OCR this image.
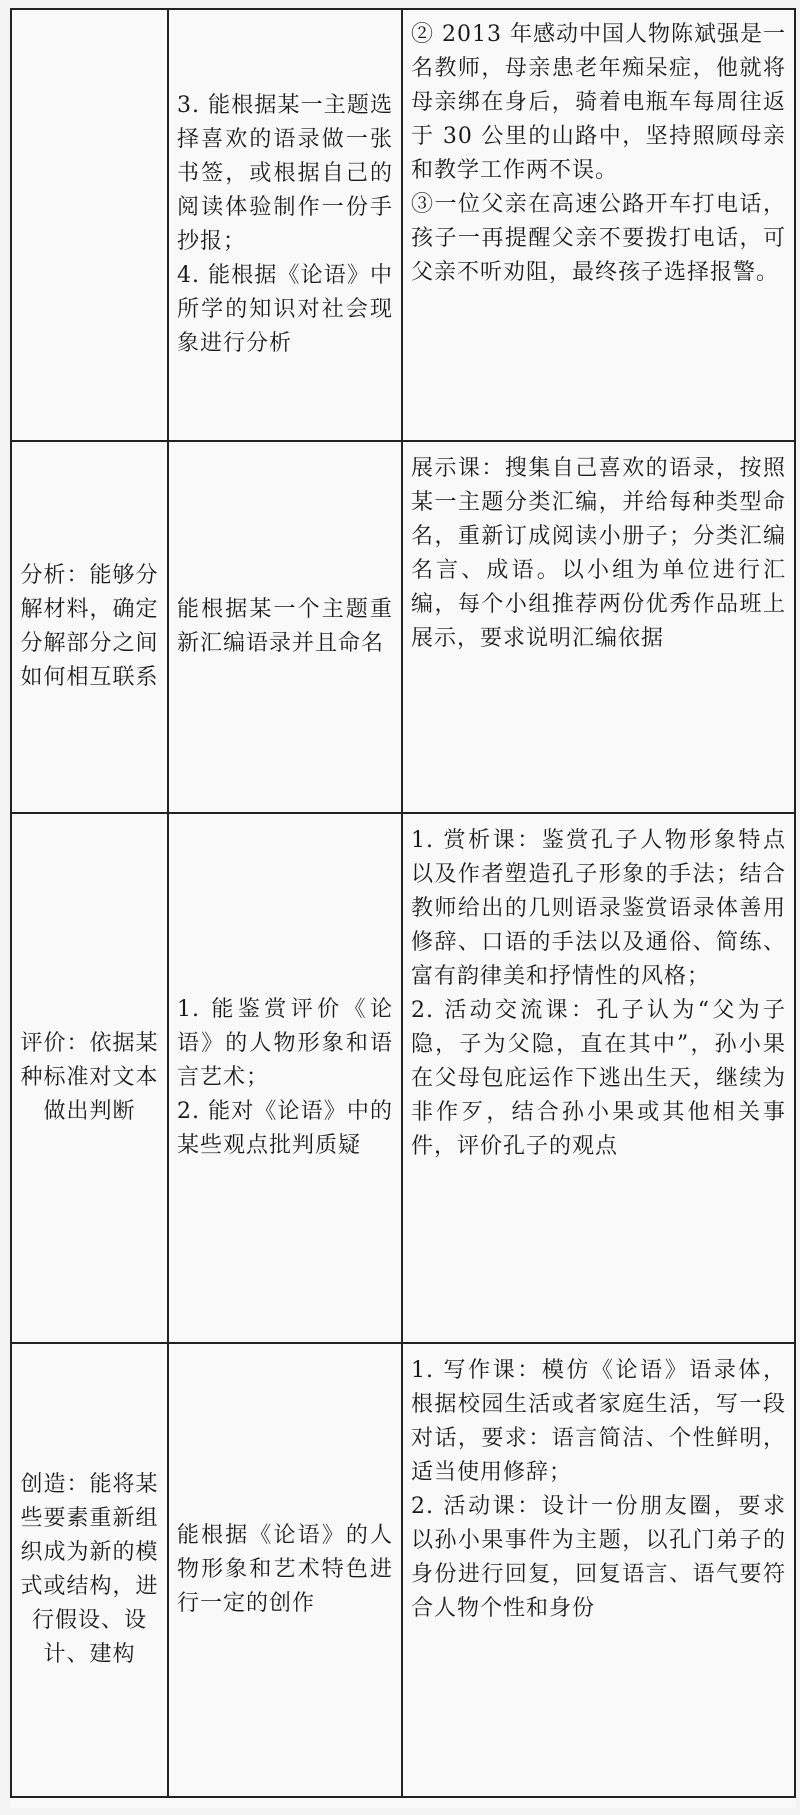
	3. 能根据某一主题选择喜欢的语录做一张书签，或根据自己的阅读体验制作一份手抄报；
4. 能根据《论语》中所学的知识对社会现象进行分析	② 2013 年感动中国人物陈斌强是一名教师，母亲患老年痴呆症，他就将母亲绑在身后，骑着电瓶车每周往返于 30 公里的山路中，坚持照顾母亲和教学工作两不误。
③一位父亲在高速公路开车打电话，孩子一再提醒父亲不要拨打电话，可父亲不听劝阻，最终孩子选择报警。

分析：能够分解材料，确定分解部分之间如何相互联系	能根据某一个主题重新汇编语录并且命名	展示课：搜集自己喜欢的语录，按照某一主题分类汇编，并给每种类型命名，重新订成阅读小册子；分类汇编名言、成语。以小组为单位进行汇编，每个小组推荐两份优秀作品班上展示，要求说明汇编依据

评价：依据某种标准对文本做出判断	1. 能鉴赏评价《论语》的人物形象和语言艺术；
2. 能对《论语》中的某些观点批判质疑	1. 赏析课：鉴赏孔子人物形象特点以及作者塑造孔子形象的手法；结合教师给出的几则语录鉴赏语录体善用修辞、口语的手法以及通俗、简练、富有韵律美和抒情性的风格；
2. 活动交流课：孔子认为“父为子隐，子为父隐，直在其中”，孙小果在父母包庇运作下逃出生天，继续为非作歹，结合孙小果或其他相关事件，评价孔子的观点

创造：能将某些要素重新组织成为新的模式或结构，进行假设、设计、建构	能根据《论语》的人物形象和艺术特色进行一定的创作	1. 写作课：模仿《论语》语录体，根据校园生活或者家庭生活，写一段对话，要求：语言简洁、个性鲜明，适当使用修辞；
2. 活动课：设计一份朋友圈，要求以孙小果事件为主题，以孔门弟子的身份进行回复，回复语言、语气要符合人物个性和身份
